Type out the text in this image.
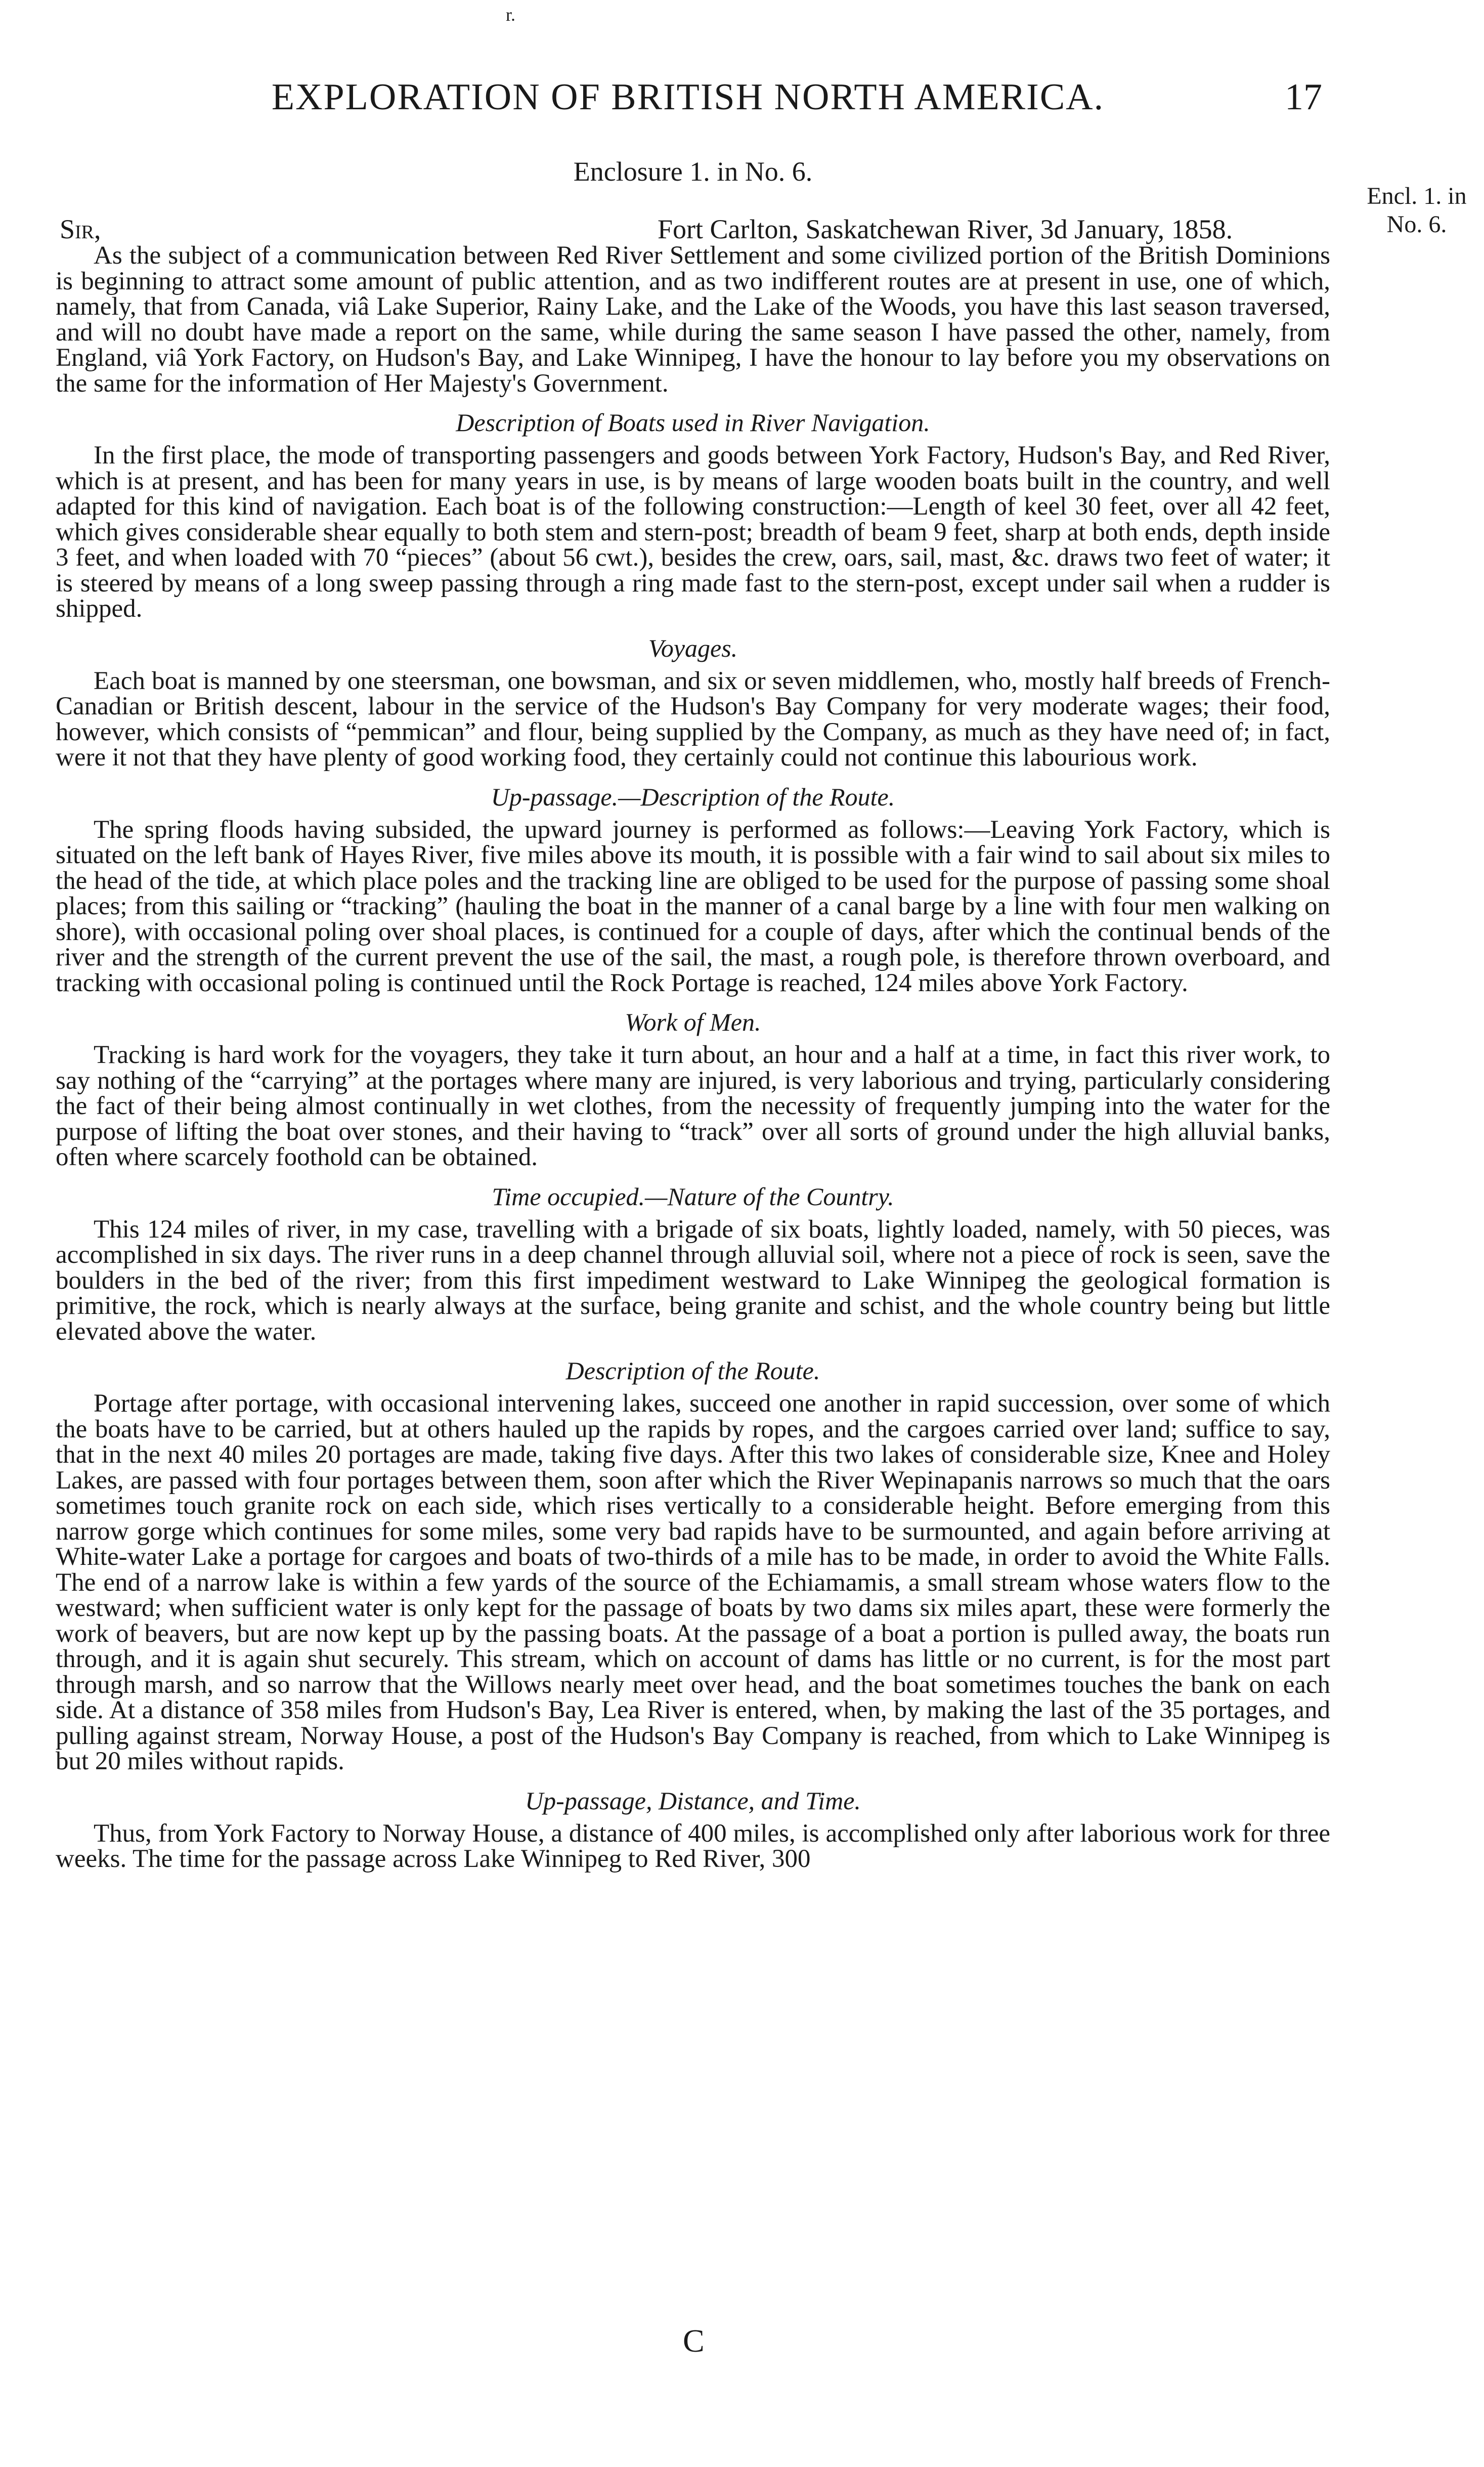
r.
EXPLORATION OF BRITISH NORTH AMERICA.	17
Enclosure 1. in No. 6.
Encl. 1. in
No. 6.
Sir,	Fort Carlton, Saskatchewan River, 3d January, 1858.

As the subject of a communication between Red River Settlement and some civilized portion of the British Dominions is beginning to attract some amount of public attention, and as two indifferent routes are at present in use, one of which, namely, that from Canada, viâ Lake Superior, Rainy Lake, and the Lake of the Woods, you have this last season traversed, and will no doubt have made a report on the same, while during the same season I have passed the other, namely, from England, viâ York Factory, on Hudson's Bay, and Lake Winnipeg, I have the honour to lay before you my observations on the same for the information of Her Majesty's Government.

Description of Boats used in River Navigation.

In the first place, the mode of transporting passengers and goods between York Factory, Hudson's Bay, and Red River, which is at present, and has been for many years in use, is by means of large wooden boats built in the country, and well adapted for this kind of navigation. Each boat is of the following construction:—Length of keel 30 feet, over all 42 feet, which gives considerable shear equally to both stem and stern-post; breadth of beam 9 feet, sharp at both ends, depth inside 3 feet, and when loaded with 70 “pieces” (about 56 cwt.), besides the crew, oars, sail, mast, &c. draws two feet of water; it is steered by means of a long sweep passing through a ring made fast to the stern-post, except under sail when a rudder is shipped.

Voyages.

Each boat is manned by one steersman, one bowsman, and six or seven middlemen, who, mostly half breeds of French-Canadian or British descent, labour in the service of the Hudson's Bay Company for very moderate wages; their food, however, which consists of “pemmican” and flour, being supplied by the Company, as much as they have need of; in fact, were it not that they have plenty of good working food, they certainly could not continue this labourious work.

Up-passage.—Description of the Route.

The spring floods having subsided, the upward journey is performed as follows:—Leaving York Factory, which is situated on the left bank of Hayes River, five miles above its mouth, it is possible with a fair wind to sail about six miles to the head of the tide, at which place poles and the tracking line are obliged to be used for the purpose of passing some shoal places; from this sailing or “tracking” (hauling the boat in the manner of a canal barge by a line with four men walking on shore), with occasional poling over shoal places, is continued for a couple of days, after which the continual bends of the river and the strength of the current prevent the use of the sail, the mast, a rough pole, is therefore thrown overboard, and tracking with occasional poling is continued until the Rock Portage is reached, 124 miles above York Factory.

Work of Men.

Tracking is hard work for the voyagers, they take it turn about, an hour and a half at a time, in fact this river work, to say nothing of the “carrying” at the portages where many are injured, is very laborious and trying, particularly considering the fact of their being almost continually in wet clothes, from the necessity of frequently jumping into the water for the purpose of lifting the boat over stones, and their having to “track” over all sorts of ground under the high alluvial banks, often where scarcely foothold can be obtained.

Time occupied.—Nature of the Country.

This 124 miles of river, in my case, travelling with a brigade of six boats, lightly loaded, namely, with 50 pieces, was accomplished in six days. The river runs in a deep channel through alluvial soil, where not a piece of rock is seen, save the boulders in the bed of the river; from this first impediment westward to Lake Winnipeg the geological formation is primitive, the rock, which is nearly always at the surface, being granite and schist, and the whole country being but little elevated above the water.

Description of the Route.

Portage after portage, with occasional intervening lakes, succeed one another in rapid succession, over some of which the boats have to be carried, but at others hauled up the rapids by ropes, and the cargoes carried over land; suffice to say, that in the next 40 miles 20 portages are made, taking five days. After this two lakes of considerable size, Knee and Holey Lakes, are passed with four portages between them, soon after which the River Wepinapanis narrows so much that the oars sometimes touch granite rock on each side, which rises vertically to a considerable height. Before emerging from this narrow gorge which continues for some miles, some very bad rapids have to be surmounted, and again before arriving at White-water Lake a portage for cargoes and boats of two-thirds of a mile has to be made, in order to avoid the White Falls. The end of a narrow lake is within a few yards of the source of the Echiamamis, a small stream whose waters flow to the westward; when sufficient water is only kept for the passage of boats by two dams six miles apart, these were formerly the work of beavers, but are now kept up by the passing boats. At the passage of a boat a portion is pulled away, the boats run through, and it is again shut securely. This stream, which on account of dams has little or no current, is for the most part through marsh, and so narrow that the Willows nearly meet over head, and the boat sometimes touches the bank on each side. At a distance of 358 miles from Hudson's Bay, Lea River is entered, when, by making the last of the 35 portages, and pulling against stream, Norway House, a post of the Hudson's Bay Company is reached, from which to Lake Winnipeg is but 20 miles without rapids.

Up-passage, Distance, and Time.

Thus, from York Factory to Norway House, a distance of 400 miles, is accomplished only after laborious work for three weeks. The time for the passage across Lake Winnipeg to Red River, 300

C
